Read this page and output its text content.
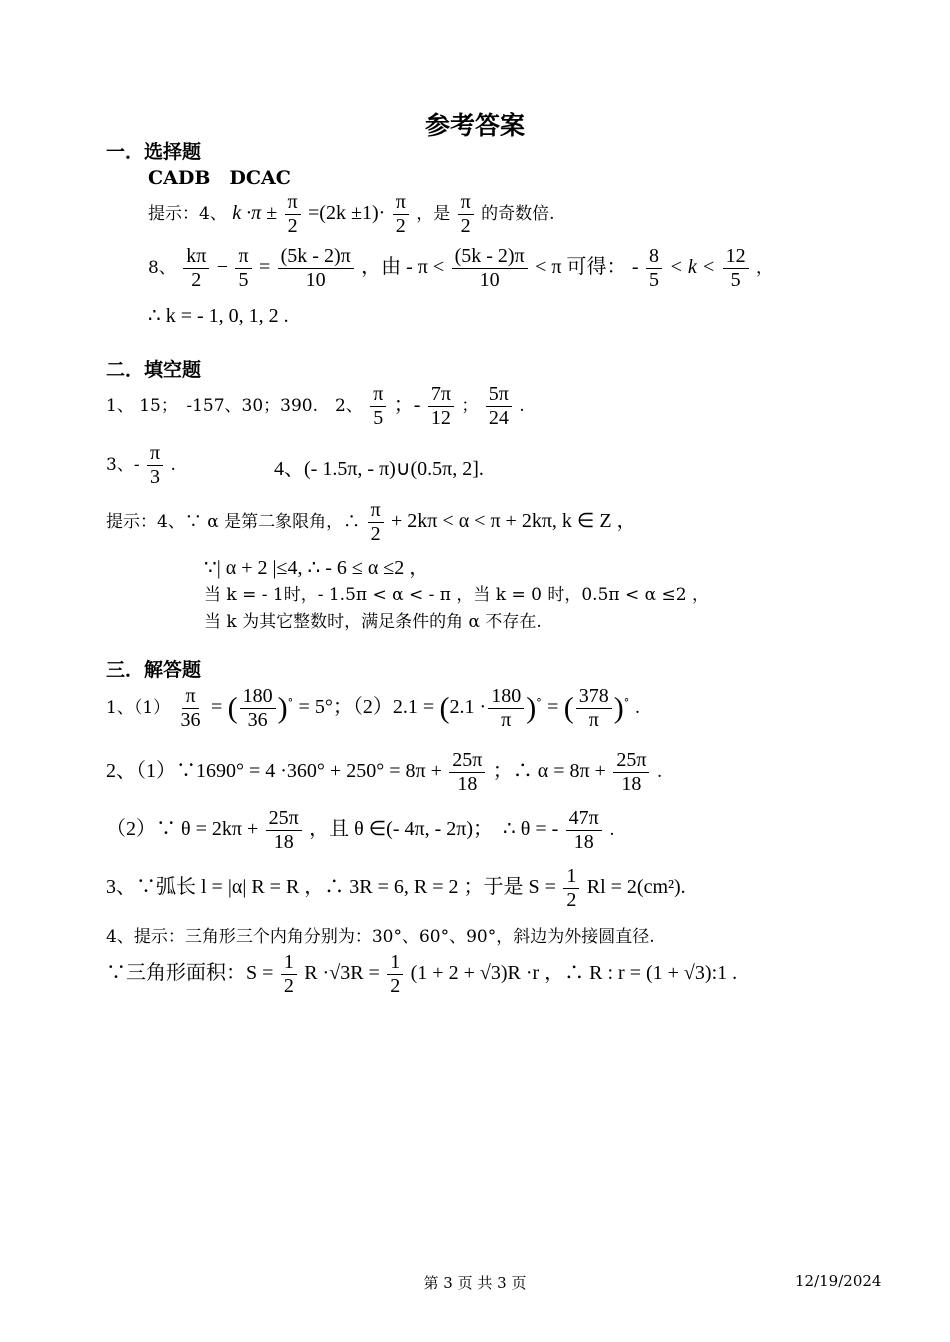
参考答案
一．选择题
CADB　DCAC
提示：4、 $k \cdot\pi \pm \frac{\pi}{2} =(2k \pm 1)\cdot \frac{\pi}{2}$ ，是 $\frac{\pi}{2}$ 的奇数倍.
8、 $\frac{k\pi}{2} - \frac{\pi}{5} = \frac{(5k - 2)\pi}{10}$ ，由 - $\pi < \frac{(5k - 2)\pi}{10} < \pi$ 可得： - $\frac{8}{5} < k < \frac{12}{5}$ ，
∴ k = - 1, 0, 1, 2 .
二．填空题
1、 15；　-157、30；390.　2、 $\frac{\pi}{5}$ ；- $\frac{7\pi}{12}$ ； $\frac{5\pi}{24}$ .
3、- $\frac{\pi}{3}$ .	4、(- 1.5π, - π)∪(0.5π, 2].
提示：4、∵ α 是第二象限角，∴ $\frac{\pi}{2} + 2k\pi < \alpha < \pi + 2k\pi$, k ∈ Z ，
∵| α + 2 |≤4, ∴ - 6 ≤ α ≤2 ，
当 k = - 1时，- 1.5π < α < - π ，当 k = 0 时，0.5π < α ≤2 ，
当 k 为其它整数时，满足条件的角 α 不存在.
三．解答题
1、$(1) \frac{\pi}{36}$ = ( $\frac{180}{36} )^\circ = 5^\circ$；$(2)2.1 = (2.1 \cdot \frac{180}{\pi} )^\circ$ = ( $\frac{378}{\pi} )^\circ$ .
2、（1）∵1690° = $4 \cdot 360^\circ + 250^\circ = 8\pi + \frac{25\pi}{18}$ ；∴ $\alpha = 8\pi + \frac{25\pi}{18}$ .
（2）∵ $\theta = 2k\pi + \frac{25\pi}{18}$ ，且 θ ∈(- 4π, - 2π)；　∴ θ = - $\frac{47\pi}{18}$ .
3、∵弧长 l = |α| R = R ，∴ 3R = 6, R = 2 ；于是 $S = \frac{1}{2}$ Rl = 2(cm²).
4、提示：三角形三个内角分别为：30°、60°、90°，斜边为外接圆直径.
∵三角形面积：$S = \frac{1}{2}$ $R \cdot√3R = \frac{1}{2} (1 + 2 + √3)R \cdot r$ ，∴ R : r = (1 + √3):1 .
第 3 页 共 3 页	12/19/2024
